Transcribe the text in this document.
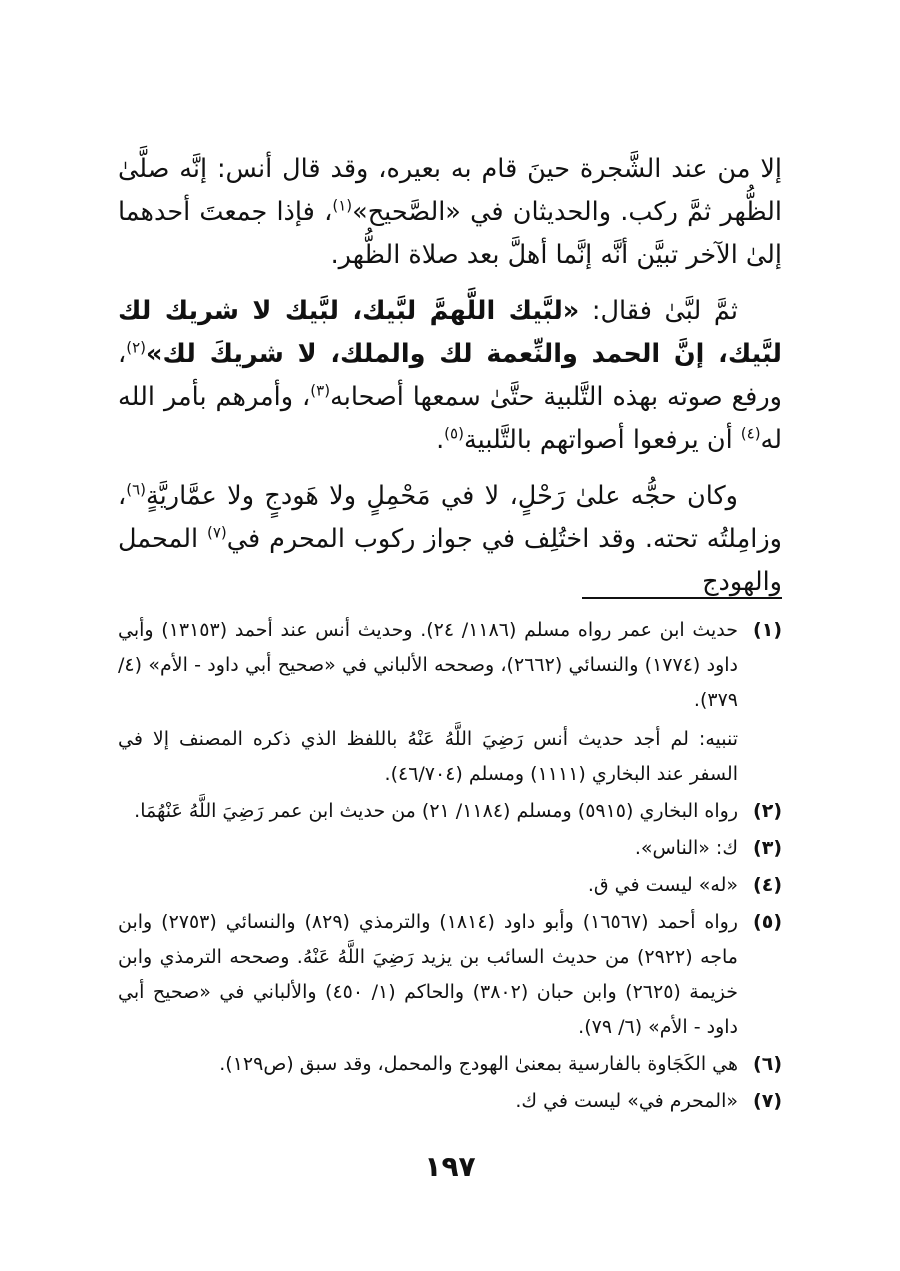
إلا من عند الشَّجرة حينَ قام به بعيره، وقد قال أنس: إنَّه صلَّىٰ الظُّهر ثمَّ ركب. والحديثان في «الصَّحيح»$^{(١)}$، فإذا جمعتَ أحدهما إلىٰ الآخر تبيَّن أنَّه إنَّما أهلَّ بعد صلاة الظُّهر.

ثمَّ لبَّىٰ فقال: «لبَّيك اللَّهمَّ لبَّيك، لبَّيك لا شريك لك لبَّيك، إنَّ الحمد والنِّعمة لك والملك، لا شريكَ لك»$^{(٢)}$، ورفع صوته بهذه التَّلبية حتَّىٰ سمعها أصحابه$^{(٣)}$، وأمرهم بأمر الله له$^{(٤)}$ أن يرفعوا أصواتهم بالتَّلبية$^{(٥)}$.

وكان حجُّه علىٰ رَحْلٍ، لا في مَحْمِلٍ ولا هَودجٍ ولا عمَّاريَّةٍ$^{(٦)}$، وزامِلتُه تحته. وقد اختُلِف في جواز ركوب المحرم في$^{(٧)}$ المحمل والهودج

(١)
حديث ابن عمر رواه مسلم (١١٨٦/ ٢٤). وحديث أنس عند أحمد (١٣١٥٣) وأبي داود (١٧٧٤) والنسائي (٢٦٦٢)، وصححه الألباني في «صحيح أبي داود - الأم» (٤/ ٣٧٩).
تنبيه: لم أجد حديث أنس رَضِيَ اللَّهُ عَنْهُ باللفظ الذي ذكره المصنف إلا في السفر عند البخاري (١١١١) ومسلم (٤٦/٧٠٤).
(٢)
رواه البخاري (٥٩١٥) ومسلم (١١٨٤/ ٢١) من حديث ابن عمر رَضِيَ اللَّهُ عَنْهُمَا.
(٣)
ك: «الناس».
(٤)
«له» ليست في ق.
(٥)
رواه أحمد (١٦٥٦٧) وأبو داود (١٨١٤) والترمذي (٨٢٩) والنسائي (٢٧٥٣) وابن ماجه (٢٩٢٢) من حديث السائب بن يزيد رَضِيَ اللَّهُ عَنْهُ. وصححه الترمذي وابن خزيمة (٢٦٢٥) وابن حبان (٣٨٠٢) والحاكم (١/ ٤٥٠) والألباني في «صحيح أبي داود - الأم» (٦/ ٧٩).
(٦)
هي الكَجَاوة بالفارسية بمعنىٰ الهودج والمحمل، وقد سبق (ص١٢٩).
(٧)
«المحرم في» ليست في ك.
١٩٧
